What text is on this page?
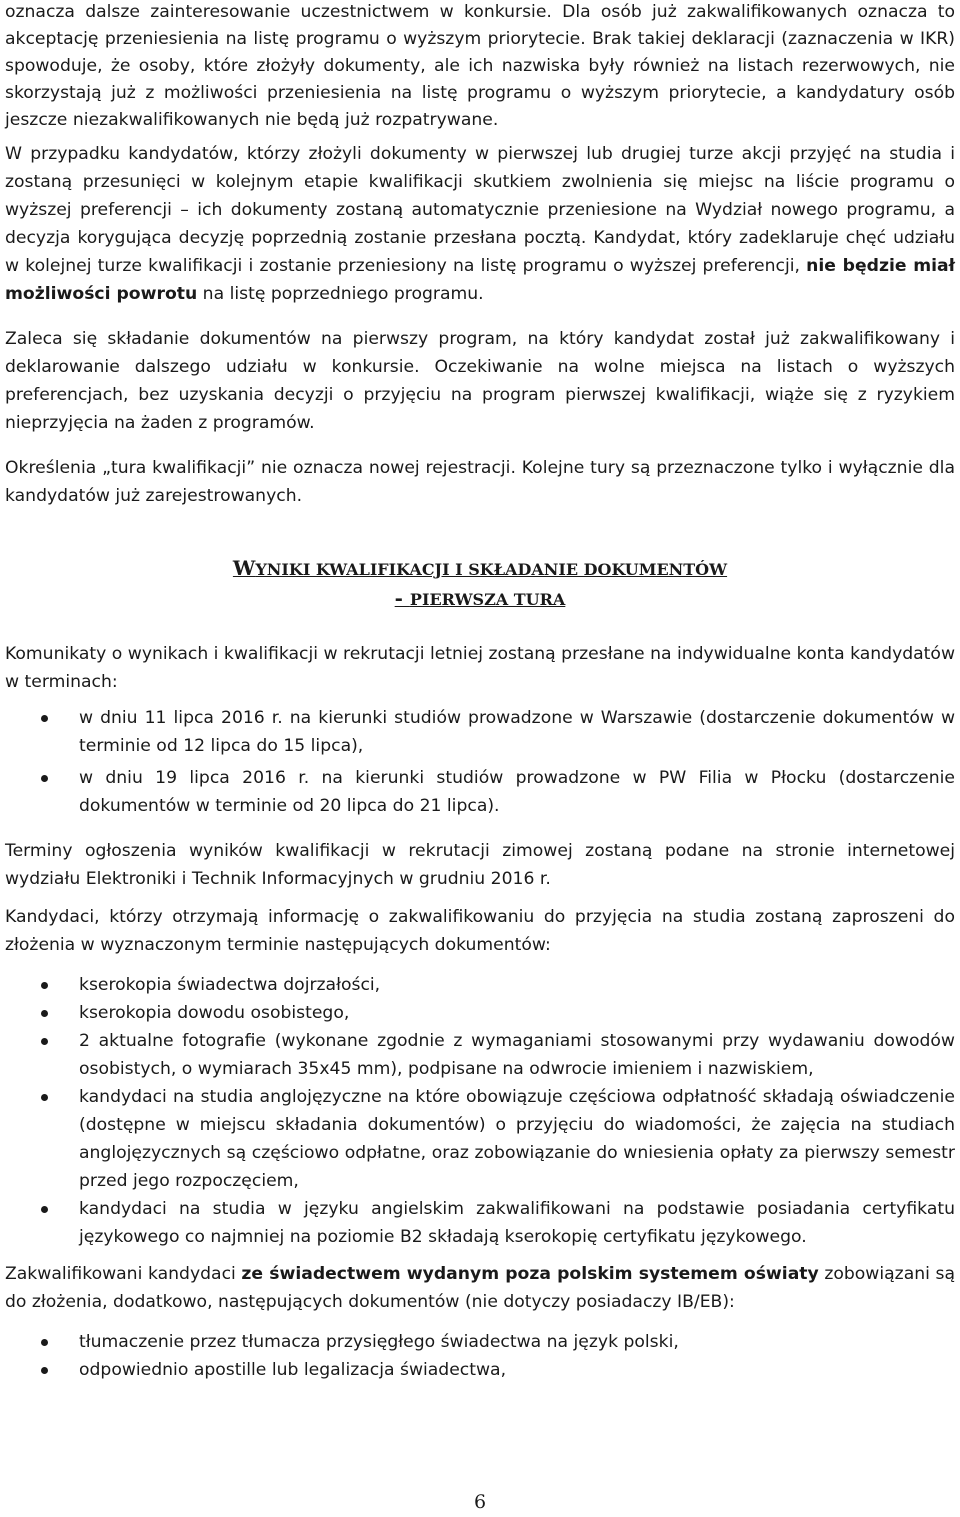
oznacza dalsze zainteresowanie uczestnictwem w konkursie. Dla osób już zakwalifikowanych oznacza to akceptację przeniesienia na listę programu o wyższym priorytecie. Brak takiej deklaracji (zaznaczenia w IKR) spowoduje, że osoby, które złożyły dokumenty, ale ich nazwiska były również na listach rezerwowych, nie skorzystają już z możliwości przeniesienia na listę programu o wyższym priorytecie, a kandydatury osób jeszcze niezakwalifikowanych nie będą już rozpatrywane.

W przypadku kandydatów, którzy złożyli dokumenty w pierwszej lub drugiej turze akcji przyjęć na studia i zostaną przesunięci w kolejnym etapie kwalifikacji skutkiem zwolnienia się miejsc na liście programu o wyższej preferencji – ich dokumenty zostaną automatycznie przeniesione na Wydział nowego programu, a decyzja korygująca decyzję poprzednią zostanie przesłana pocztą. Kandydat, który zadeklaruje chęć udziału w kolejnej turze kwalifikacji i zostanie przeniesiony na listę programu o wyższej preferencji, nie będzie miał możliwości powrotu na listę poprzedniego programu.

Zaleca się składanie dokumentów na pierwszy program, na który kandydat został już zakwalifikowany i deklarowanie dalszego udziału w konkursie. Oczekiwanie na wolne miejsca na listach o wyższych preferencjach, bez uzyskania decyzji o przyjęciu na program pierwszej kwalifikacji, wiąże się z ryzykiem nieprzyjęcia na żaden z programów.

Określenia „tura kwalifikacji” nie oznacza nowej rejestracji. Kolejne tury są przeznaczone tylko i wyłącznie dla kandydatów już zarejestrowanych.

WYNIKI KWALIFIKACJI I SKŁADANIE DOKUMENTÓW
- PIERWSZA TURA

Komunikaty o wynikach i kwalifikacji w rekrutacji letniej zostaną przesłane na indywidualne konta kandydatów w terminach:

w dniu 11 lipca 2016 r. na kierunki studiów prowadzone w Warszawie (dostarczenie dokumentów w terminie od 12 lipca do 15 lipca),
w dniu 19 lipca 2016 r. na kierunki studiów prowadzone w PW Filia w Płocku (dostarczenie dokumentów w terminie od 20 lipca do 21 lipca).

Terminy ogłoszenia wyników kwalifikacji w rekrutacji zimowej zostaną podane na stronie internetowej wydziału Elektroniki i Technik Informacyjnych w grudniu 2016 r.

Kandydaci, którzy otrzymają informację o zakwalifikowaniu do przyjęcia na studia zostaną zaproszeni do złożenia w wyznaczonym terminie następujących dokumentów:

kserokopia świadectwa dojrzałości,
kserokopia dowodu osobistego,
2 aktualne fotografie (wykonane zgodnie z wymaganiami stosowanymi przy wydawaniu dowodów osobistych, o wymiarach 35x45 mm), podpisane na odwrocie imieniem i nazwiskiem,
kandydaci na studia anglojęzyczne na które obowiązuje częściowa odpłatność składają oświadczenie (dostępne w miejscu składania dokumentów) o przyjęciu do wiadomości, że zajęcia na studiach anglojęzycznych są częściowo odpłatne, oraz zobowiązanie do wniesienia opłaty za pierwszy semestr przed jego rozpoczęciem,
kandydaci na studia w języku angielskim zakwalifikowani na podstawie posiadania certyfikatu językowego co najmniej na poziomie B2 składają kserokopię certyfikatu językowego.

Zakwalifikowani kandydaci ze świadectwem wydanym poza polskim systemem oświaty zobowiązani są do złożenia, dodatkowo, następujących dokumentów (nie dotyczy posiadaczy IB/EB):

tłumaczenie przez tłumacza przysięgłego świadectwa na język polski,
odpowiednio apostille lub legalizacja świadectwa,
6
